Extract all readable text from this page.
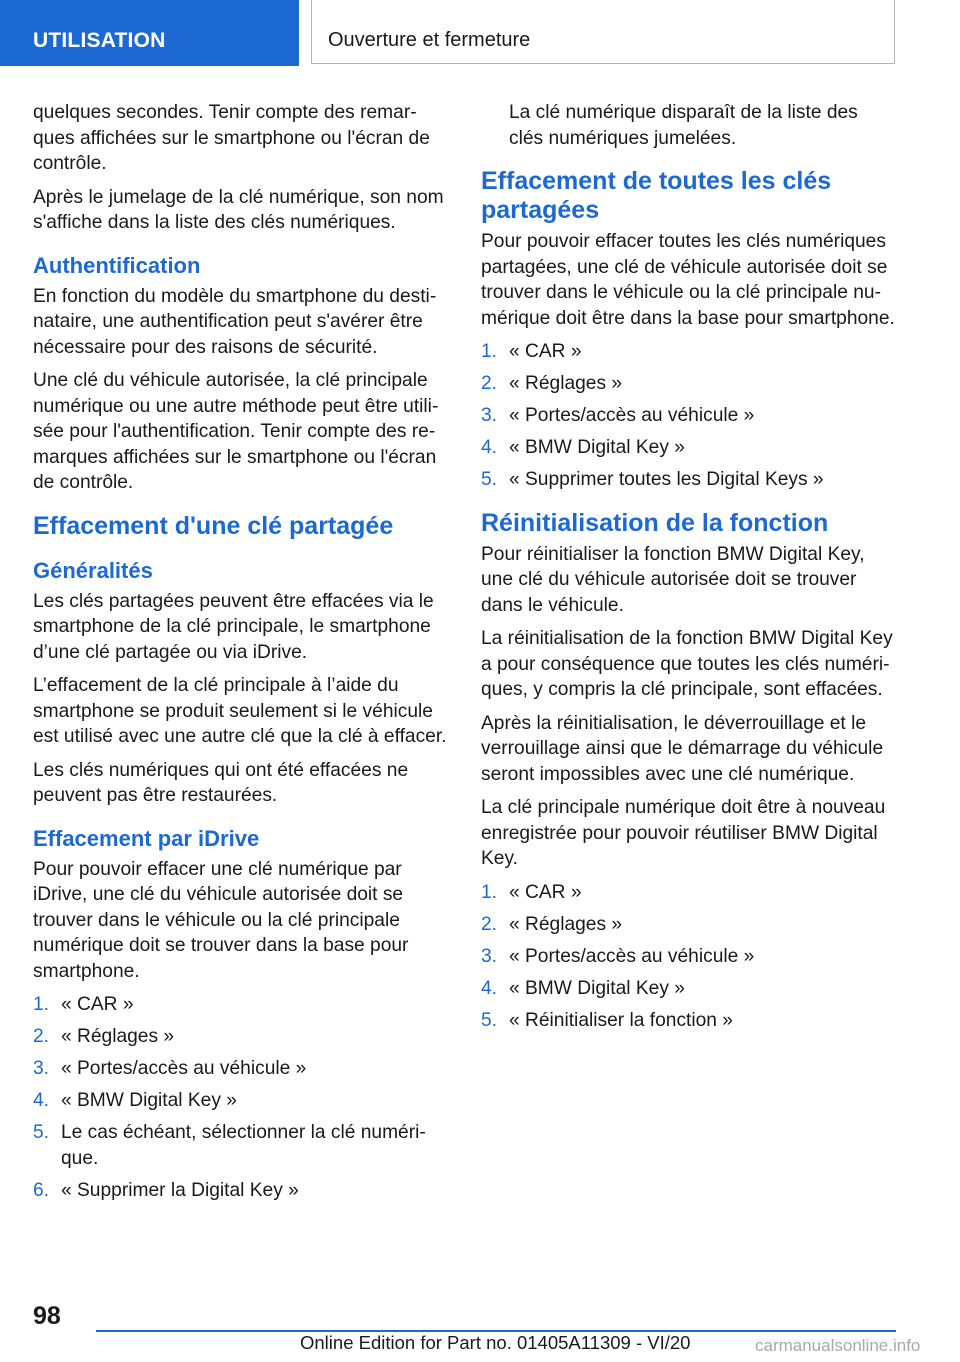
UTILISATION	Ouverture et fermeture

quelques secondes. Tenir compte des remarques affichées sur le smartphone ou l'écran de contrôle.

Après le jumelage de la clé numérique, son nom s'affiche dans la liste des clés numériques.

Authentification

En fonction du modèle du smartphone du destinataire, une authentification peut s'avérer être nécessaire pour des raisons de sécurité.

Une clé du véhicule autorisée, la clé principale numérique ou une autre méthode peut être utilisée pour l'authentification. Tenir compte des remarques affichées sur le smartphone ou l'écran de contrôle.

Effacement d'une clé partagée
Généralités

Les clés partagées peuvent être effacées via le smartphone de la clé principale, le smartphone d’une clé partagée ou via iDrive.

L’effacement de la clé principale à l’aide du smartphone se produit seulement si le véhicule est utilisé avec une autre clé que la clé à effacer.

Les clés numériques qui ont été effacées ne peuvent pas être restaurées.

Effacement par iDrive

Pour pouvoir effacer une clé numérique par iDrive, une clé du véhicule autorisée doit se trouver dans le véhicule ou la clé principale numérique doit se trouver dans la base pour smartphone.

1. « CAR »
2. « Réglages »
3. « Portes/accès au véhicule »
4. « BMW Digital Key »
5. Le cas échéant, sélectionner la clé numérique.
6. « Supprimer la Digital Key »

La clé numérique disparaît de la liste des clés numériques jumelées.

Effacement de toutes les clés partagées

Pour pouvoir effacer toutes les clés numériques partagées, une clé de véhicule autorisée doit se trouver dans le véhicule ou la clé principale numérique doit être dans la base pour smartphone.

1. « CAR »
2. « Réglages »
3. « Portes/accès au véhicule »
4. « BMW Digital Key »
5. « Supprimer toutes les Digital Keys »
Réinitialisation de la fonction

Pour réinitialiser la fonction BMW Digital Key, une clé du véhicule autorisée doit se trouver dans le véhicule.

La réinitialisation de la fonction BMW Digital Key a pour conséquence que toutes les clés numériques, y compris la clé principale, sont effacées.

Après la réinitialisation, le déverrouillage et le verrouillage ainsi que le démarrage du véhicule seront impossibles avec une clé numérique.

La clé principale numérique doit être à nouveau enregistrée pour pouvoir réutiliser BMW Digital Key.

1. « CAR »
2. « Réglages »
3. « Portes/accès au véhicule »
4. « BMW Digital Key »
5. « Réinitialiser la fonction »
98
Online Edition for Part no. 01405A11309 - VI/20	carmanualsonline.info
